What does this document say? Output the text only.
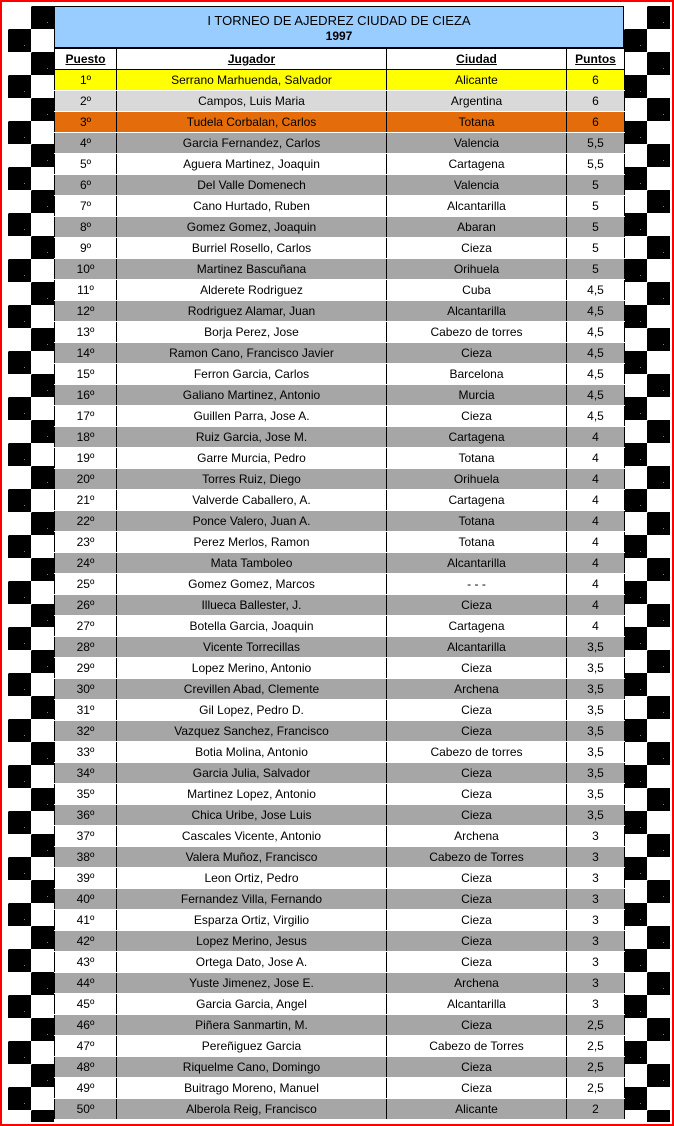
I TORNEO DE AJEDREZ CIUDAD DE CIEZA
1997
Puesto	Jugador	Ciudad	Puntos
1º	Serrano Marhuenda, Salvador	Alicante	6
2º	Campos, Luis Maria	Argentina	6
3º	Tudela Corbalan, Carlos	Totana	6
4º	Garcia Fernandez, Carlos	Valencia	5,5
5º	Aguera Martinez, Joaquin	Cartagena	5,5
6º	Del Valle Domenech	Valencia	5
7º	Cano Hurtado, Ruben	Alcantarilla	5
8º	Gomez Gomez, Joaquin	Abaran	5
9º	Burriel Rosello, Carlos	Cieza	5
10º	Martinez Bascuñana	Orihuela	5
11º	Alderete Rodriguez	Cuba	4,5
12º	Rodriguez Alamar, Juan	Alcantarilla	4,5
13º	Borja Perez, Jose	Cabezo de torres	4,5
14º	Ramon Cano, Francisco Javier	Cieza	4,5
15º	Ferron Garcia, Carlos	Barcelona	4,5
16º	Galiano Martinez, Antonio	Murcia	4,5
17º	Guillen Parra, Jose A.	Cieza	4,5
18º	Ruiz Garcia, Jose M.	Cartagena	4
19º	Garre Murcia, Pedro	Totana	4
20º	Torres Ruiz, Diego	Orihuela	4
21º	Valverde Caballero, A.	Cartagena	4
22º	Ponce Valero, Juan A.	Totana	4
23º	Perez Merlos, Ramon	Totana	4
24º	Mata Tamboleo	Alcantarilla	4
25º	Gomez Gomez, Marcos	- - -	4
26º	Illueca Ballester, J.	Cieza	4
27º	Botella Garcia, Joaquin	Cartagena	4
28º	Vicente Torrecillas	Alcantarilla	3,5
29º	Lopez Merino, Antonio	Cieza	3,5
30º	Crevillen Abad, Clemente	Archena	3,5
31º	Gil Lopez, Pedro D.	Cieza	3,5
32º	Vazquez Sanchez, Francisco	Cieza	3,5
33º	Botia Molina, Antonio	Cabezo de torres	3,5
34º	Garcia Julia, Salvador	Cieza	3,5
35º	Martinez Lopez, Antonio	Cieza	3,5
36º	Chica Uribe, Jose Luis	Cieza	3,5
37º	Cascales Vicente, Antonio	Archena	3
38º	Valera Muñoz, Francisco	Cabezo de Torres	3
39º	Leon Ortiz, Pedro	Cieza	3
40º	Fernandez Villa, Fernando	Cieza	3
41º	Esparza Ortiz, Virgilio	Cieza	3
42º	Lopez Merino, Jesus	Cieza	3
43º	Ortega Dato, Jose A.	Cieza	3
44º	Yuste Jimenez, Jose E.	Archena	3
45º	Garcia Garcia, Angel	Alcantarilla	3
46º	Piñera Sanmartin, M.	Cieza	2,5
47º	Pereñiguez Garcia	Cabezo de Torres	2,5
48º	Riquelme Cano, Domingo	Cieza	2,5
49º	Buitrago Moreno, Manuel	Cieza	2,5
50º	Alberola Reig, Francisco	Alicante	2
